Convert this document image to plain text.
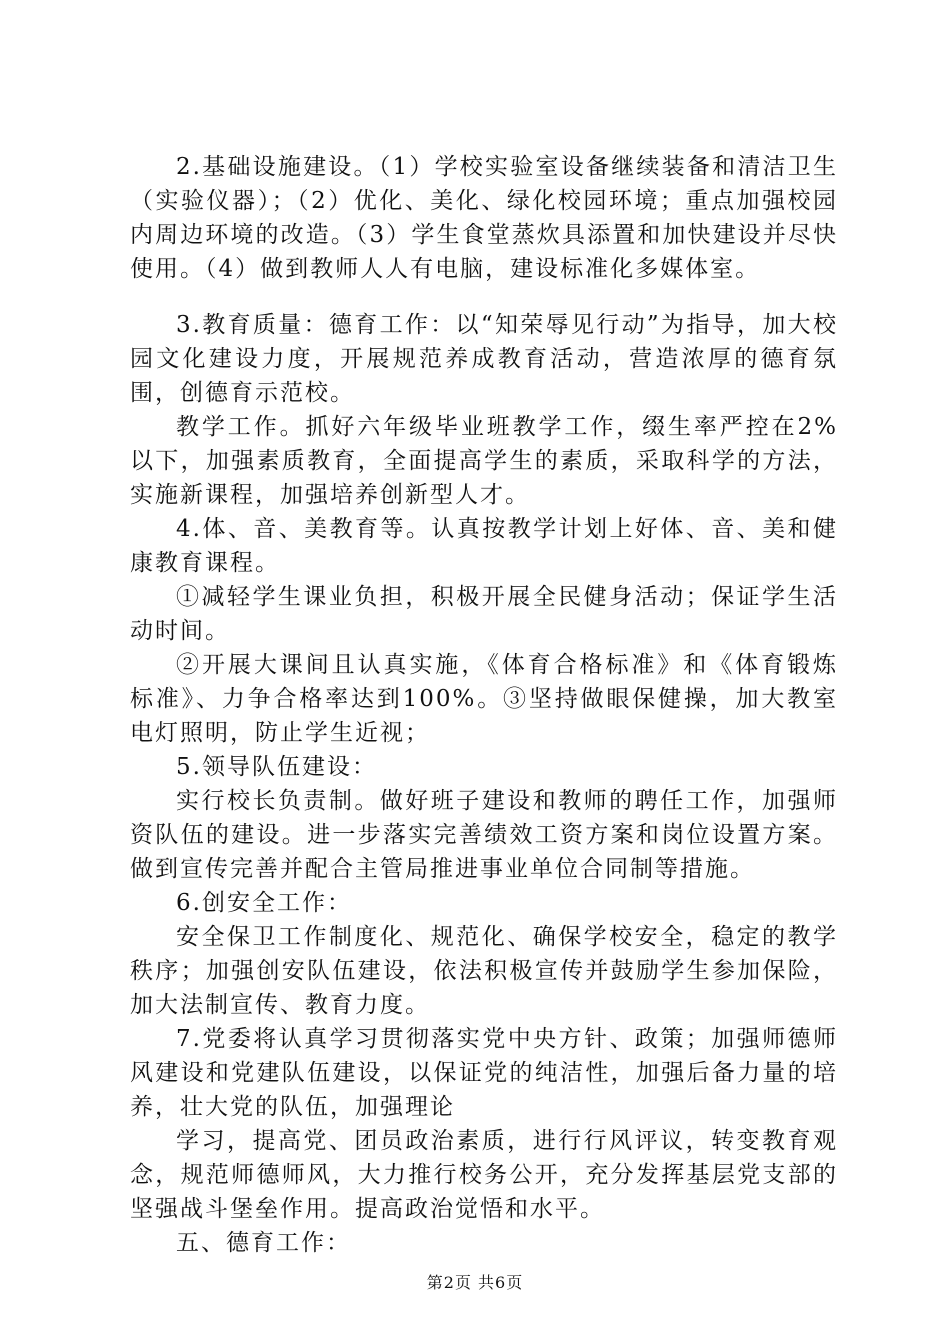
2.基础设施建设。（1）学校实验室设备继续装备和清洁卫生（实验仪器）；（2）优化、美化、绿化校园环境；重点加强校园内周边环境的改造。（3）学生食堂蒸炊具添置和加快建设并尽快使用。（4）做到教师人人有电脑，建设标准化多媒体室。

3.教育质量：德育工作：以“知荣辱见行动”为指导，加大校园文化建设力度，开展规范养成教育活动，营造浓厚的德育氛围，创德育示范校。

教学工作。抓好六年级毕业班教学工作，缀生率严控在2%以下，加强素质教育，全面提高学生的素质，采取科学的方法，实施新课程，加强培养创新型人才。

4.体、音、美教育等。认真按教学计划上好体、音、美和健康教育课程。

①减轻学生课业负担，积极开展全民健身活动；保证学生活动时间。

②开展大课间且认真实施，《体育合格标准》和《体育锻炼标准》、力争合格率达到100%。③坚持做眼保健操，加大教室电灯照明，防止学生近视；

5.领导队伍建设：

实行校长负责制。做好班子建设和教师的聘任工作，加强师资队伍的建设。进一步落实完善绩效工资方案和岗位设置方案。做到宣传完善并配合主管局推进事业单位合同制等措施。

6.创安全工作：

安全保卫工作制度化、规范化、确保学校安全，稳定的教学秩序；加强创安队伍建设，依法积极宣传并鼓励学生参加保险，加大法制宣传、教育力度。

7.党委将认真学习贯彻落实党中央方针、政策；加强师德师风建设和党建队伍建设，以保证党的纯洁性，加强后备力量的培养，壮大党的队伍，加强理论

学习，提高党、团员政治素质，进行行风评议，转变教育观念，规范师德师风，大力推行校务公开，充分发挥基层党支部的坚强战斗堡垒作用。提高政治觉悟和水平。

五、德育工作：

第2页 共6页
